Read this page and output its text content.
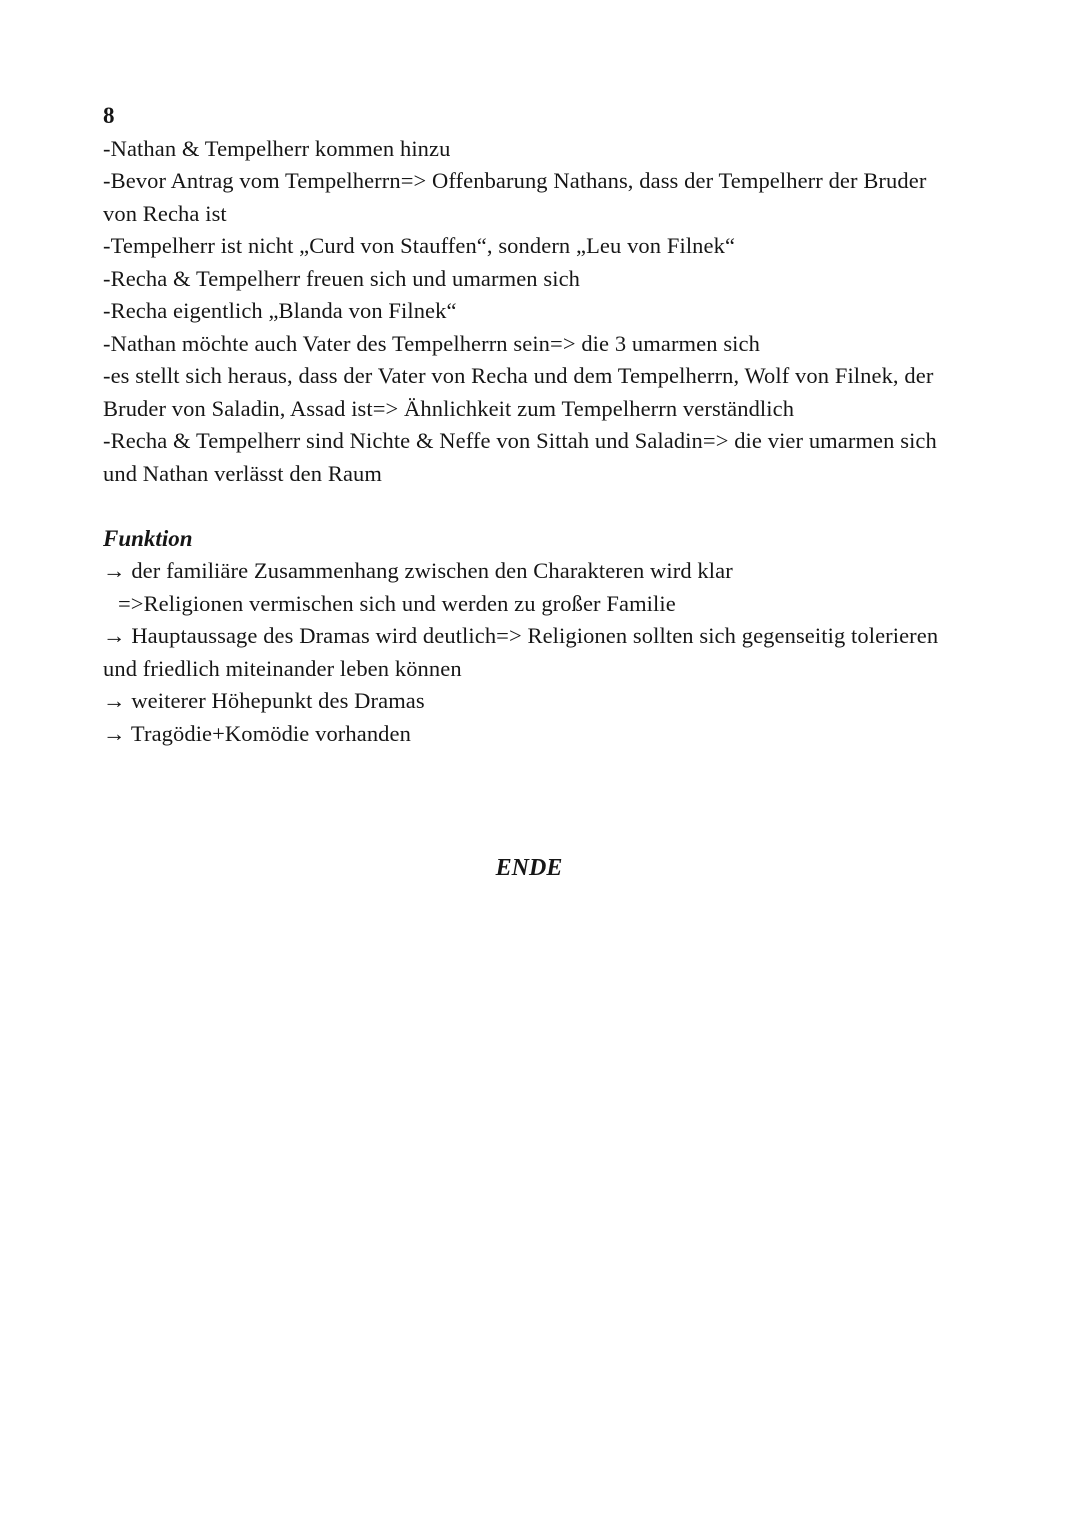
8

-Nathan & Tempelherr kommen hinzu

-Bevor Antrag vom Tempelherrn=> Offenbarung Nathans, dass der Tempelherr der Bruder von Recha ist

-Tempelherr ist nicht „Curd von Stauffen“, sondern „Leu von Filnek“

-Recha & Tempelherr freuen sich und umarmen sich

-Recha eigentlich „Blanda von Filnek“

-Nathan möchte auch Vater des Tempelherrn sein=> die 3 umarmen sich

-es stellt sich heraus, dass der Vater von Recha und dem Tempelherrn, Wolf von Filnek, der Bruder von Saladin, Assad ist=> Ähnlichkeit zum Tempelherrn verständlich

-Recha & Tempelherr sind Nichte & Neffe von Sittah und Saladin=> die vier umarmen sich und Nathan verlässt den Raum

Funktion

→ der familiäre Zusammenhang zwischen den Charakteren wird klar

=>Religionen vermischen sich und werden zu großer Familie

→ Hauptaussage des Dramas wird deutlich=> Religionen sollten sich gegenseitig tolerieren und friedlich miteinander leben können

→ weiterer Höhepunkt des Dramas

→ Tragödie+Komödie vorhanden

ENDE
